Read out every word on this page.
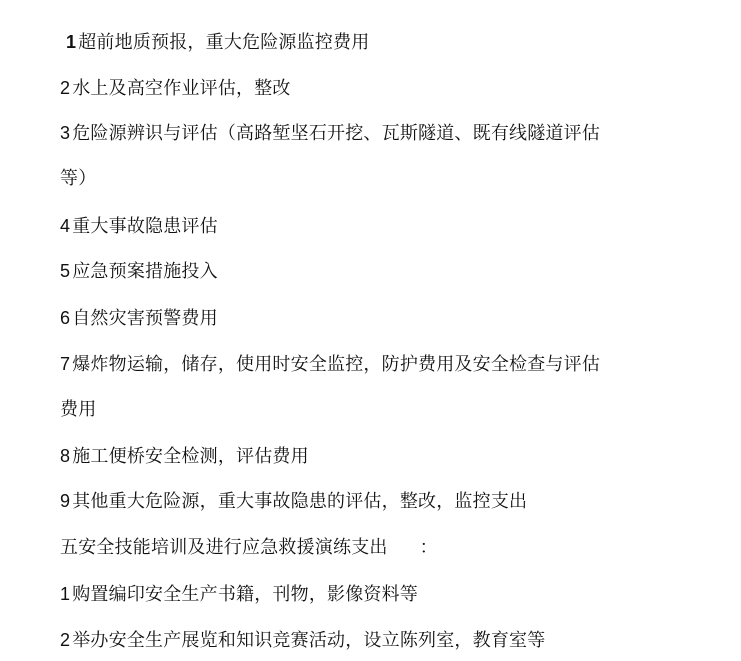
1 超前地质预报，重大危险源监控费用
2 水上及高空作业评估，整改
3 危险源辨识与评估（高路堑坚石开挖、瓦斯隧道、既有线隧道评估
等）
4 重大事故隐患评估
5 应急预案措施投入
6 自然灾害预警费用
7 爆炸物运输，储存，使用时安全监控，防护费用及安全检查与评估
费用
8 施工便桥安全检测，评估费用
9 其他重大危险源，重大事故隐患的评估，整改，监控支出
五安全技能培训及进行应急救援演练支出 ：
1 购置编印安全生产书籍，刊物，影像资料等
2 举办安全生产展览和知识竞赛活动，设立陈列室，教育室等
